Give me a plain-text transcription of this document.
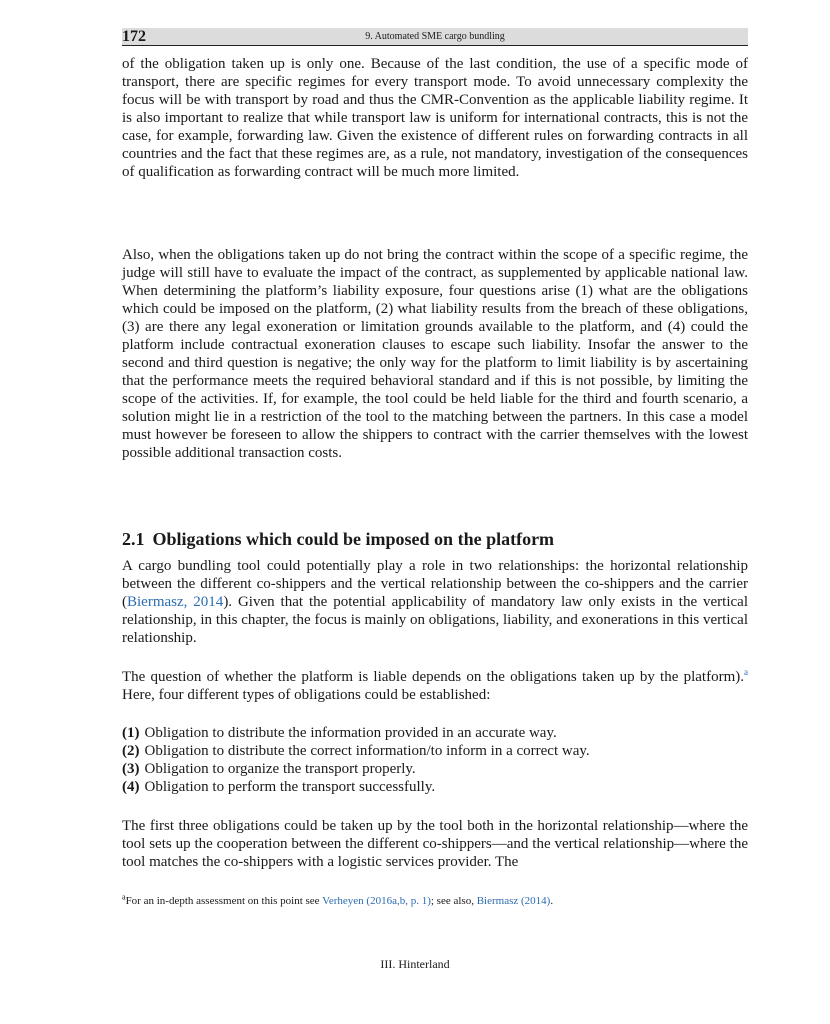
172	9. Automated SME cargo bundling

of the obligation taken up is only one. Because of the last condition, the use of a specific mode of transport, there are specific regimes for every transport mode. To avoid unnecessary complexity the focus will be with transport by road and thus the CMR-Convention as the applicable liability regime. It is also important to realize that while transport law is uniform for international contracts, this is not the case, for example, forwarding law. Given the existence of different rules on forwarding contracts in all countries and the fact that these regimes are, as a rule, not mandatory, investigation of the consequences of qualification as forwarding contract will be much more limited.

Also, when the obligations taken up do not bring the contract within the scope of a specific regime, the judge will still have to evaluate the impact of the contract, as supplemented by applicable national law. When determining the platform’s liability exposure, four questions arise (1) what are the obligations which could be imposed on the platform, (2) what liability results from the breach of these obligations, (3) are there any legal exoneration or limitation grounds available to the platform, and (4) could the platform include contractual exoneration clauses to escape such liability. Insofar the answer to the second and third question is negative; the only way for the platform to limit liability is by ascertaining that the performance meets the required behavioral standard and if this is not possible, by limiting the scope of the activities. If, for example, the tool could be held liable for the third and fourth scenario, a solution might lie in a restriction of the tool to the matching between the partners. In this case a model must however be foreseen to allow the shippers to contract with the carrier themselves with the lowest possible additional transaction costs.

2.1 Obligations which could be imposed on the platform

A cargo bundling tool could potentially play a role in two relationships: the horizontal relationship between the different co-shippers and the vertical relationship between the co-shippers and the carrier (Biermasz, 2014). Given that the potential applicability of mandatory law only exists in the vertical relationship, in this chapter, the focus is mainly on obligations, liability, and exonerations in this vertical relationship.

The question of whether the platform is liable depends on the obligations taken up by the platform).$^a$ Here, four different types of obligations could be established:

(1) Obligation to distribute the information provided in an accurate way.
(2) Obligation to distribute the correct information/to inform in a correct way.
(3) Obligation to organize the transport properly.
(4) Obligation to perform the transport successfully.

The first three obligations could be taken up by the tool both in the horizontal relationship—where the tool sets up the cooperation between the different co-shippers—and the vertical relationship—where the tool matches the co-shippers with a logistic services provider. The

$^a$For an in-depth assessment on this point see Verheyen (2016a,b, p. 1); see also, Biermasz (2014).
III. Hinterland
